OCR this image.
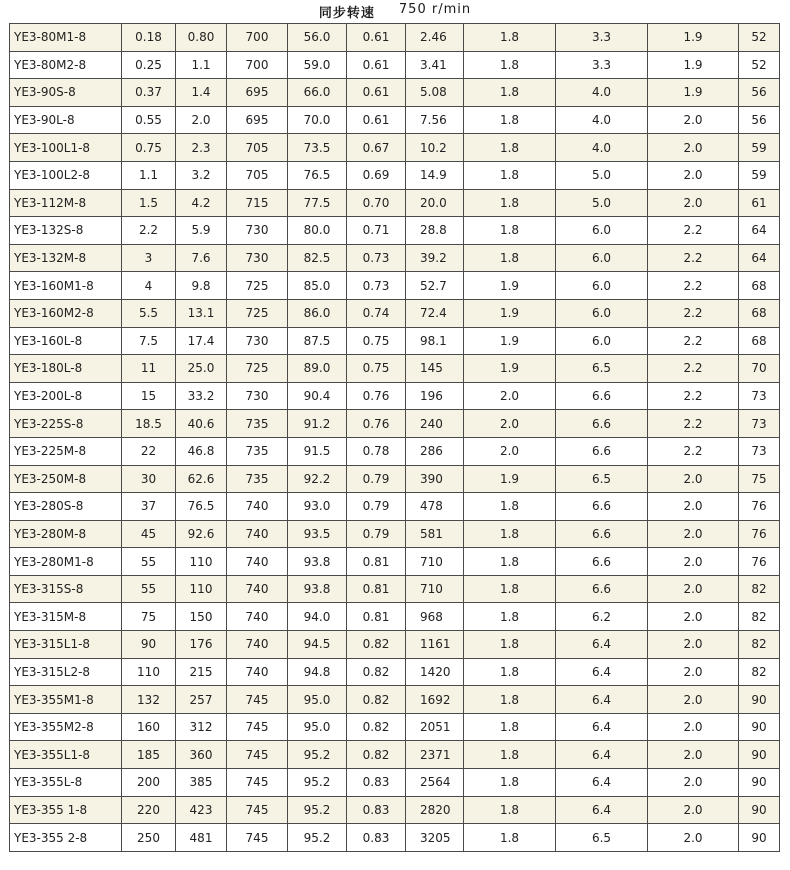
同步转速 750 r/min
YE3-80M1-8	0.18	0.80	700	56.0	0.61	2.46	1.8	3.3	1.9	52
YE3-80M2-8	0.25	1.1	700	59.0	0.61	3.41	1.8	3.3	1.9	52
YE3-90S-8	0.37	1.4	695	66.0	0.61	5.08	1.8	4.0	1.9	56
YE3-90L-8	0.55	2.0	695	70.0	0.61	7.56	1.8	4.0	2.0	56
YE3-100L1-8	0.75	2.3	705	73.5	0.67	10.2	1.8	4.0	2.0	59
YE3-100L2-8	1.1	3.2	705	76.5	0.69	14.9	1.8	5.0	2.0	59
YE3-112M-8	1.5	4.2	715	77.5	0.70	20.0	1.8	5.0	2.0	61
YE3-132S-8	2.2	5.9	730	80.0	0.71	28.8	1.8	6.0	2.2	64
YE3-132M-8	3	7.6	730	82.5	0.73	39.2	1.8	6.0	2.2	64
YE3-160M1-8	4	9.8	725	85.0	0.73	52.7	1.9	6.0	2.2	68
YE3-160M2-8	5.5	13.1	725	86.0	0.74	72.4	1.9	6.0	2.2	68
YE3-160L-8	7.5	17.4	730	87.5	0.75	98.1	1.9	6.0	2.2	68
YE3-180L-8	11	25.0	725	89.0	0.75	145	1.9	6.5	2.2	70
YE3-200L-8	15	33.2	730	90.4	0.76	196	2.0	6.6	2.2	73
YE3-225S-8	18.5	40.6	735	91.2	0.76	240	2.0	6.6	2.2	73
YE3-225M-8	22	46.8	735	91.5	0.78	286	2.0	6.6	2.2	73
YE3-250M-8	30	62.6	735	92.2	0.79	390	1.9	6.5	2.0	75
YE3-280S-8	37	76.5	740	93.0	0.79	478	1.8	6.6	2.0	76
YE3-280M-8	45	92.6	740	93.5	0.79	581	1.8	6.6	2.0	76
YE3-280M1-8	55	110	740	93.8	0.81	710	1.8	6.6	2.0	76
YE3-315S-8	55	110	740	93.8	0.81	710	1.8	6.6	2.0	82
YE3-315M-8	75	150	740	94.0	0.81	968	1.8	6.2	2.0	82
YE3-315L1-8	90	176	740	94.5	0.82	1161	1.8	6.4	2.0	82
YE3-315L2-8	110	215	740	94.8	0.82	1420	1.8	6.4	2.0	82
YE3-355M1-8	132	257	745	95.0	0.82	1692	1.8	6.4	2.0	90
YE3-355M2-8	160	312	745	95.0	0.82	2051	1.8	6.4	2.0	90
YE3-355L1-8	185	360	745	95.2	0.82	2371	1.8	6.4	2.0	90
YE3-355L-8	200	385	745	95.2	0.83	2564	1.8	6.4	2.0	90
YE3-355 1-8	220	423	745	95.2	0.83	2820	1.8	6.4	2.0	90
YE3-355 2-8	250	481	745	95.2	0.83	3205	1.8	6.5	2.0	90
